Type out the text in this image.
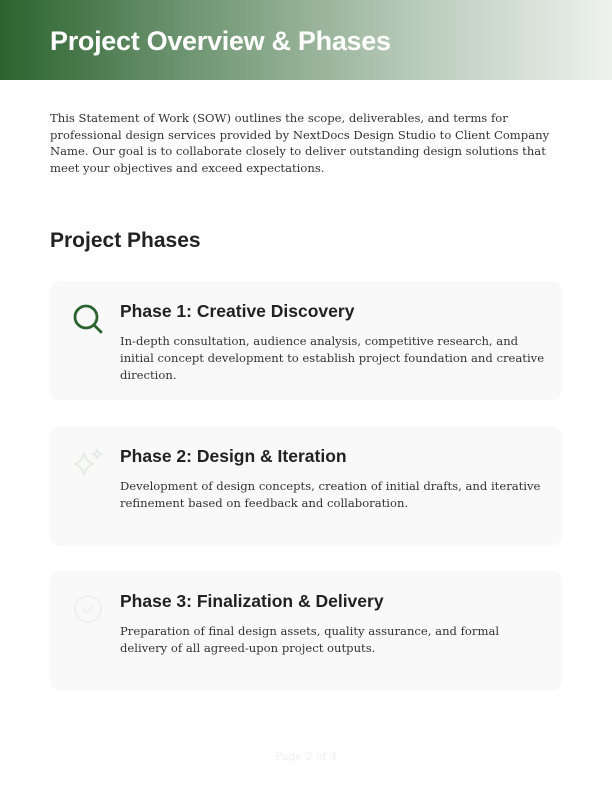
Project Overview & Phases

This Statement of Work (SOW) outlines the scope, deliverables, and terms for professional design services provided by NextDocs Design Studio to Client Company Name. Our goal is to collaborate closely to deliver outstanding design solutions that meet your objectives and exceed expectations.

Project Phases
Phase 1: Creative Discovery

In-depth consultation, audience analysis, competitive research, and initial concept development to establish project foundation and creative direction.

Phase 2: Design & Iteration

Development of design concepts, creation of initial drafts, and iterative refinement based on feedback and collaboration.

Phase 3: Finalization & Delivery

Preparation of final design assets, quality assurance, and formal delivery of all agreed-upon project outputs.

Page 2 of 4
